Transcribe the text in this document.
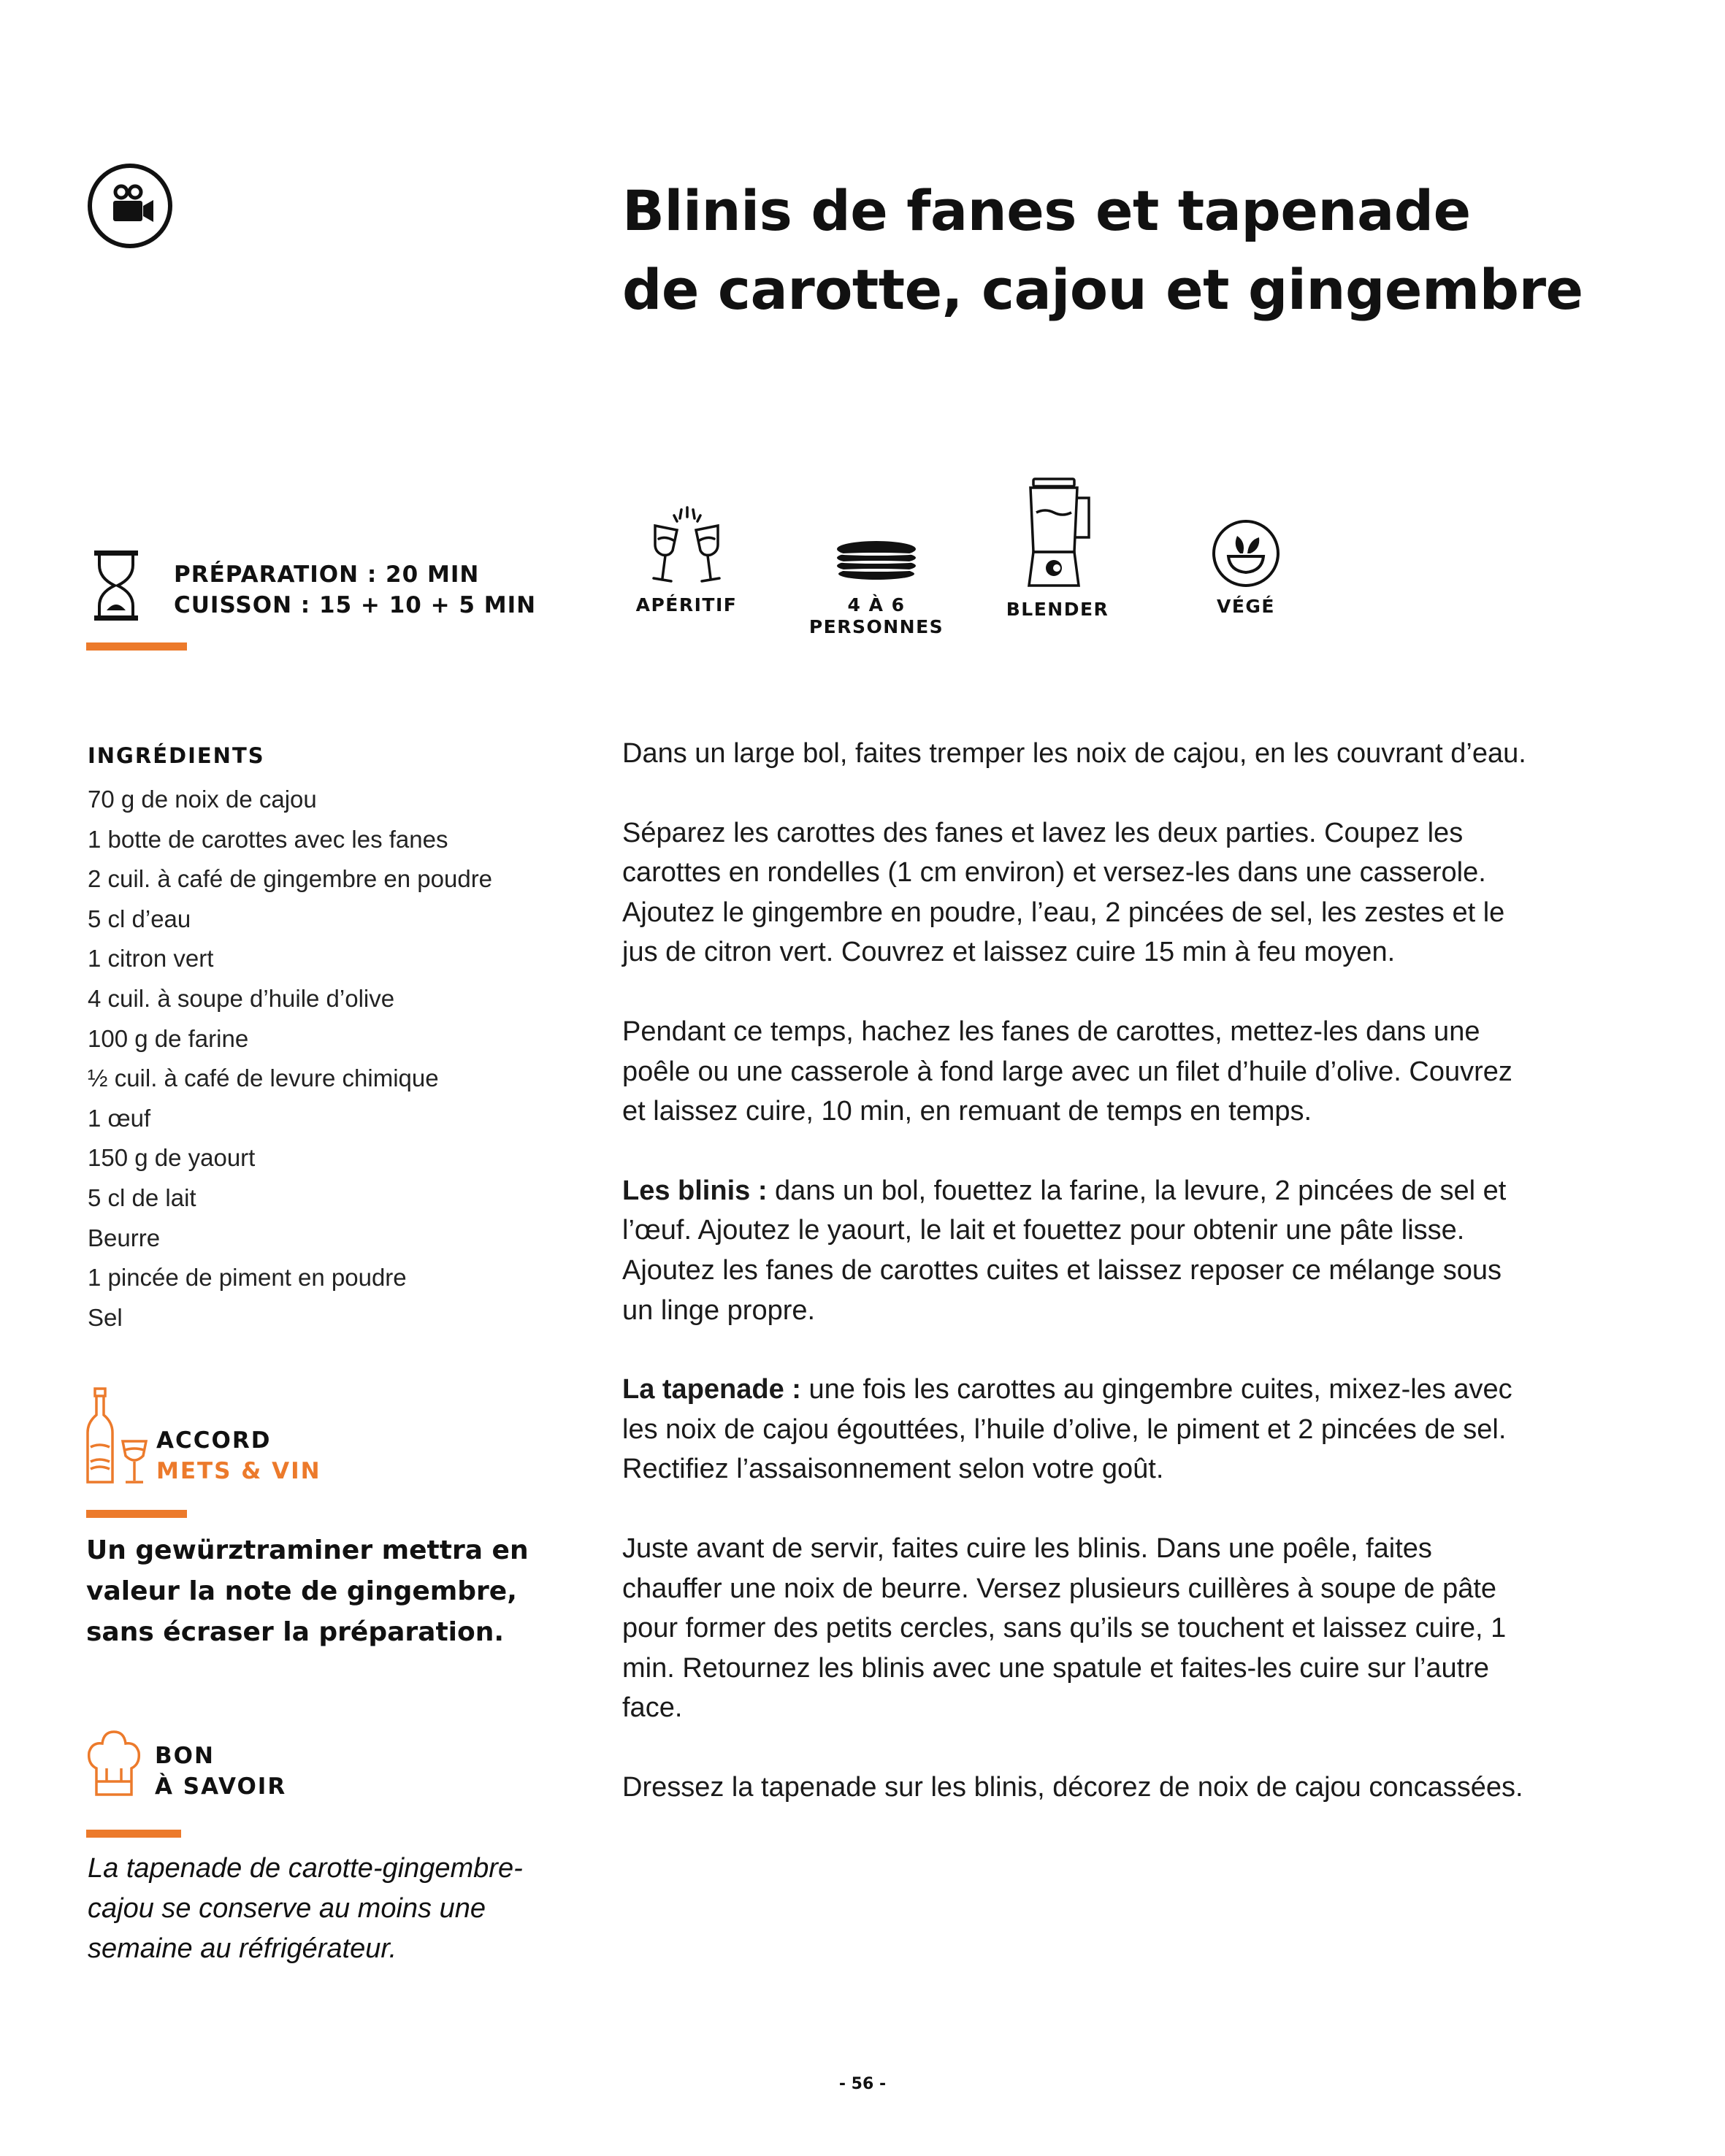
Blinis de fanes et tapenade
de carotte, cajou et gingembre
PRÉPARATION : 20 MIN
CUISSON : 15 + 10 + 5 MIN	APÉRITIF	4 À 6
PERSONNES
BLENDER	VÉGÉ
INGRÉDIENTS
70 g de noix de cajou
1 botte de carottes avec les fanes
2 cuil. à café de gingembre en poudre
5 cl d’eau
1 citron vert
4 cuil. à soupe d’huile d’olive
100 g de farine
½ cuil. à café de levure chimique
1 œuf
150 g de yaourt
5 cl de lait
Beurre
1 pincée de piment en poudre
Sel
ACCORD
METS & VIN
Un gewürztraminer mettra en valeur la note de gingembre, sans écraser la préparation.
BON
À SAVOIR
La tapenade de carotte-gingembre-cajou se conserve au moins une semaine au réfrigérateur.

Dans un large bol, faites tremper les noix de cajou, en les couvrant d’eau.

Séparez les carottes des fanes et lavez les deux parties. Coupez les carottes en rondelles (1 cm environ) et versez-les dans une casserole. Ajoutez le gingembre en poudre, l’eau, 2 pincées de sel, les zestes et le jus de citron vert. Couvrez et laissez cuire 15 min à feu moyen.

Pendant ce temps, hachez les fanes de carottes, mettez-les dans une poêle ou une casserole à fond large avec un filet d’huile d’olive. Couvrez et laissez cuire, 10 min, en remuant de temps en temps.

Les blinis : dans un bol, fouettez la farine, la levure, 2 pincées de sel et l’œuf. Ajoutez le yaourt, le lait et fouettez pour obtenir une pâte lisse. Ajoutez les fanes de carottes cuites et laissez reposer ce mélange sous un linge propre.

La tapenade : une fois les carottes au gingembre cuites, mixez-les avec les noix de cajou égouttées, l’huile d’olive, le piment et 2 pincées de sel. Rectifiez l’assaisonnement selon votre goût.

Juste avant de servir, faites cuire les blinis. Dans une poêle, faites chauffer une noix de beurre. Versez plusieurs cuillères à soupe de pâte pour former des petits cercles, sans qu’ils se touchent et laissez cuire, 1 min. Retournez les blinis avec une spatule et faites-les cuire sur l’autre face.

Dressez la tapenade sur les blinis, décorez de noix de cajou concassées.

- 56 -
